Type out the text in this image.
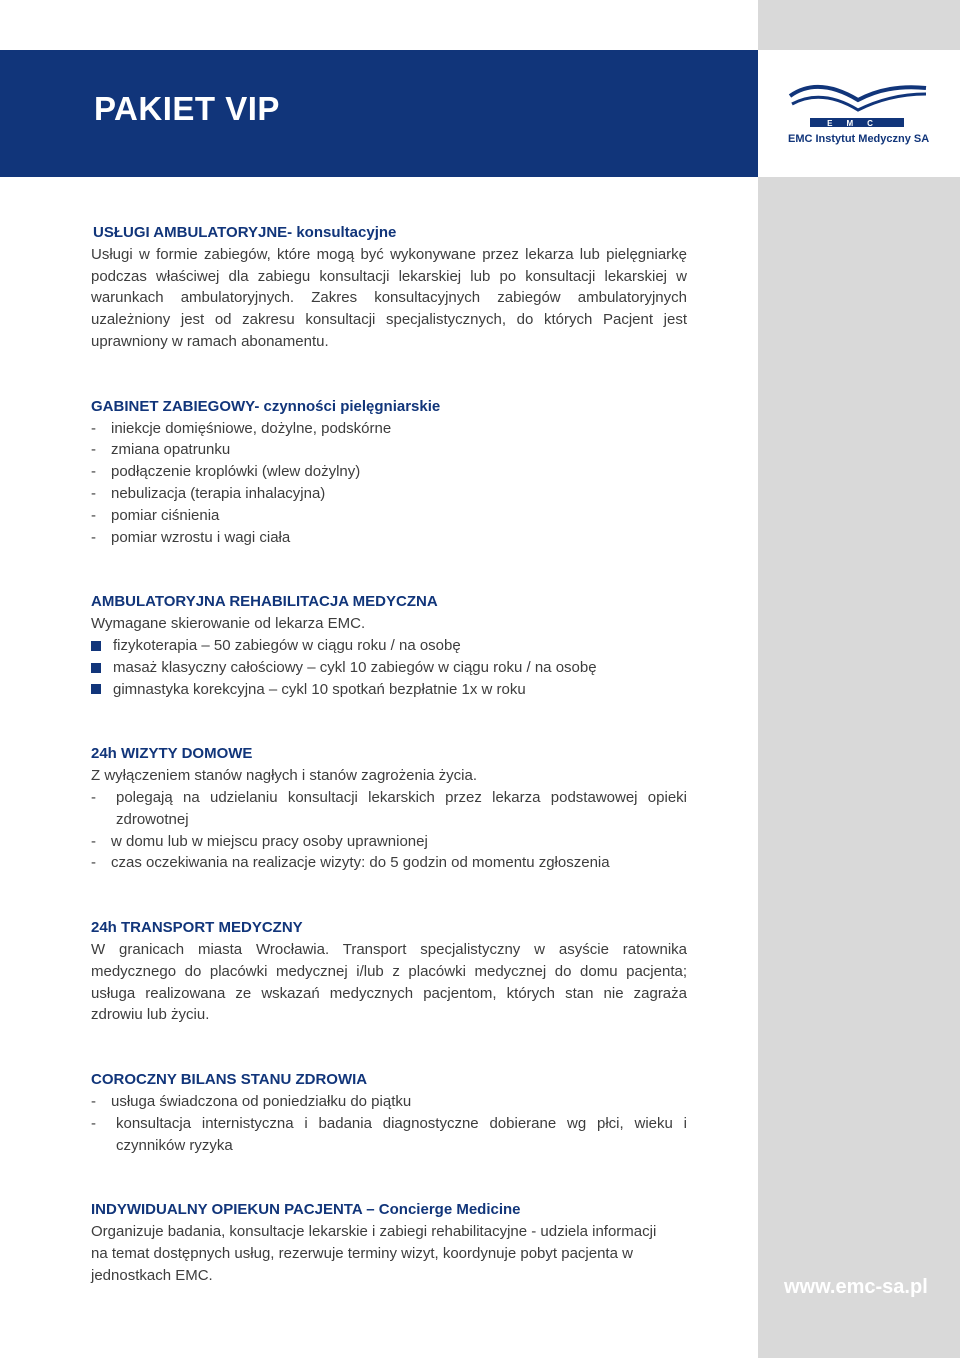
PAKIET VIP	EMC
EMC Instytut Medyczny SA

USŁUGI AMBULATORYJNE- konsultacyjne

Usługi w formie zabiegów, które mogą być wykonywane przez lekarza lub pielęgniarkę podczas właściwej dla zabiegu konsultacji lekarskiej lub po konsultacji lekarskiej w warunkach ambulatoryjnych. Zakres konsultacyjnych zabiegów ambulatoryjnych uzależniony jest od zakresu konsultacji specjalistycznych, do których Pacjent jest uprawniony w ramach abonamentu.

GABINET ZABIEGOWY- czynności pielęgniarskie

-	iniekcje domięśniowe, dożylne, podskórne
-	zmiana opatrunku
-	podłączenie kroplówki (wlew dożylny)
-	nebulizacja (terapia inhalacyjna)
-	pomiar ciśnienia
-	pomiar wzrostu i wagi ciała

AMBULATORYJNA REHABILITACJA MEDYCZNA

Wymagane skierowanie od lekarza EMC.

fizykoterapia – 50 zabiegów w ciągu roku / na osobę
masaż klasyczny całościowy – cykl 10 zabiegów w ciągu roku / na osobę
gimnastyka korekcyjna – cykl 10 spotkań bezpłatnie 1x w roku

24h WIZYTY DOMOWE

Z wyłączeniem stanów nagłych i stanów zagrożenia życia.

-	polegają na udzielaniu konsultacji lekarskich przez lekarza podstawowej opieki zdrowotnej
-	w domu lub w miejscu pracy osoby uprawnionej
-	czas oczekiwania na realizacje wizyty: do 5 godzin od momentu zgłoszenia

24h TRANSPORT MEDYCZNY

W granicach miasta Wrocławia. Transport specjalistyczny w asyście ratownika medycznego do placówki medycznej i/lub z placówki medycznej do domu pacjenta; usługa realizowana ze wskazań medycznych pacjentom, których stan nie zagraża zdrowiu lub życiu.

COROCZNY BILANS STANU ZDROWIA

-	usługa świadczona od poniedziałku do piątku
-	konsultacja internistyczna i badania diagnostyczne dobierane wg płci, wieku i czynników ryzyka

INDYWIDUALNY OPIEKUN PACJENTA – Concierge Medicine

Organizuje badania, konsultacje lekarskie i zabiegi rehabilitacyjne - udziela informacji na temat dostępnych usług, rezerwuje terminy wizyt, koordynuje pobyt pacjenta w jednostkach EMC.

www.emc-sa.pl
